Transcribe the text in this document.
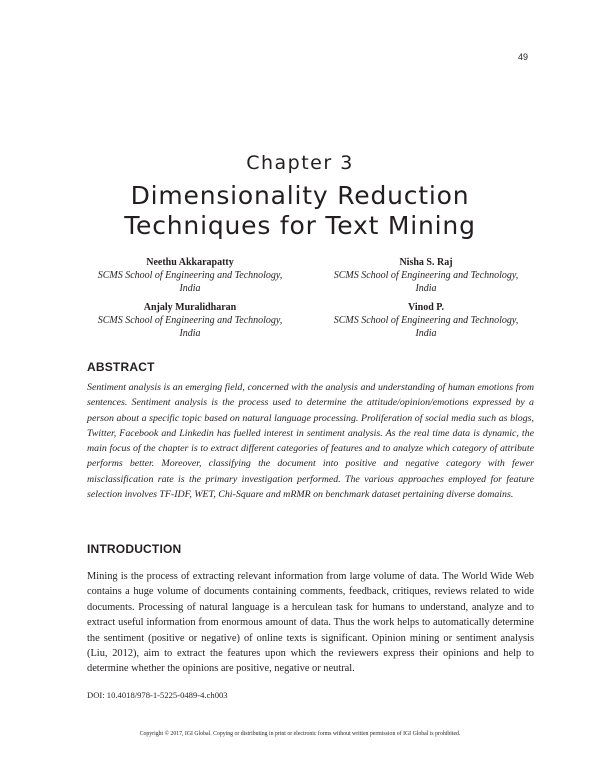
49
Chapter 3
Dimensionality Reduction
Techniques for Text Mining
Neethu Akkarapatty
SCMS School of Engineering and Technology,
India
Nisha S. Raj
SCMS School of Engineering and Technology,
India
Anjaly Muralidharan
SCMS School of Engineering and Technology,
India
Vinod P.
SCMS School of Engineering and Technology,
India
ABSTRACT
Sentiment analysis is an emerging field, concerned with the analysis and understanding of human emotions from sentences. Sentiment analysis is the process used to determine the attitude/opinion/emotions expressed by a person about a specific topic based on natural language processing. Proliferation of social media such as blogs, Twitter, Facebook and Linkedin has fuelled interest in sentiment analysis. As the real time data is dynamic, the main focus of the chapter is to extract different categories of features and to analyze which category of attribute performs better. Moreover, classifying the document into positive and negative category with fewer misclassification rate is the primary investigation performed. The various approaches employed for feature selection involves TF-IDF, WET, Chi-Square and mRMR on benchmark dataset pertaining diverse domains.
INTRODUCTION
Mining is the process of extracting relevant information from large volume of data. The World Wide Web contains a huge volume of documents containing comments, feedback, critiques, reviews related to wide documents. Processing of natural language is a herculean task for humans to understand, analyze and to extract useful information from enormous amount of data. Thus the work helps to automatically determine the sentiment (positive or negative) of online texts is significant. Opinion mining or sentiment analysis (Liu, 2012), aim to extract the features upon which the reviewers express their opinions and help to determine whether the opinions are positive, negative or neutral.
DOI: 10.4018/978-1-5225-0489-4.ch003
Copyright © 2017, IGI Global. Copying or distributing in print or electronic forms without written permission of IGI Global is prohibited.
